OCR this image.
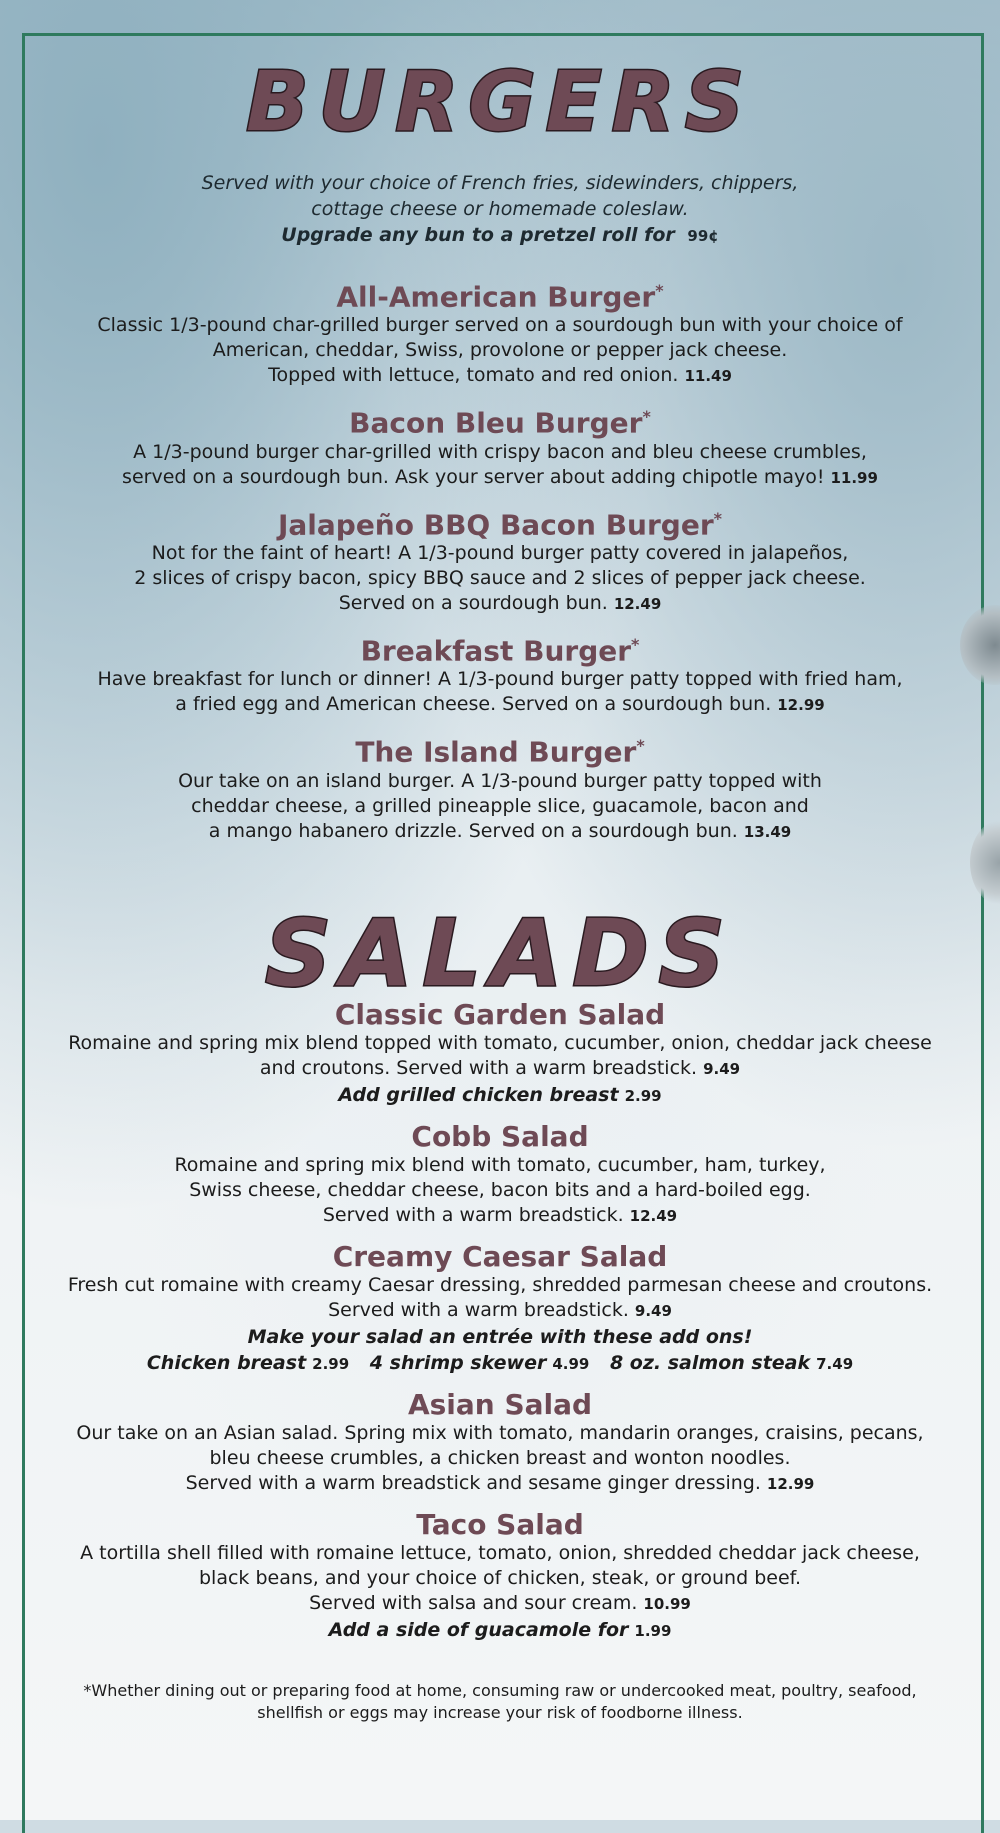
BURGERS
Served with your choice of French fries, sidewinders, chippers,
cottage cheese or homemade coleslaw.
Upgrade any bun to a pretzel roll for 99¢
All-American Burger*

Classic 1/3-pound char-grilled burger served on a sourdough bun with your choice of

American, cheddar, Swiss, provolone or pepper jack cheese.

Topped with lettuce, tomato and red onion. 11.49

Bacon Bleu Burger*

A 1/3-pound burger char-grilled with crispy bacon and bleu cheese crumbles,

served on a sourdough bun. Ask your server about adding chipotle mayo! 11.99

Jalapeño BBQ Bacon Burger*

Not for the faint of heart! A 1/3-pound burger patty covered in jalapeños,

2 slices of crispy bacon, spicy BBQ sauce and 2 slices of pepper jack cheese.

Served on a sourdough bun. 12.49

Breakfast Burger*

Have breakfast for lunch or dinner! A 1/3-pound burger patty topped with fried ham,

a fried egg and American cheese. Served on a sourdough bun. 12.99

The Island Burger*

Our take on an island burger. A 1/3-pound burger patty topped with

cheddar cheese, a grilled pineapple slice, guacamole, bacon and

a mango habanero drizzle. Served on a sourdough bun. 13.49

SALADS
Classic Garden Salad

Romaine and spring mix blend topped with tomato, cucumber, onion, cheddar jack cheese

and croutons. Served with a warm breadstick. 9.49

Add grilled chicken breast 2.99
Cobb Salad

Romaine and spring mix blend with tomato, cucumber, ham, turkey,

Swiss cheese, cheddar cheese, bacon bits and a hard-boiled egg.

Served with a warm breadstick. 12.49

Creamy Caesar Salad

Fresh cut romaine with creamy Caesar dressing, shredded parmesan cheese and croutons.

Served with a warm breadstick. 9.49

Make your salad an entrée with these add ons!
Chicken breast 2.99 4 shrimp skewer 4.99 8 oz. salmon steak 7.49
Asian Salad

Our take on an Asian salad. Spring mix with tomato, mandarin oranges, craisins, pecans,

bleu cheese crumbles, a chicken breast and wonton noodles.

Served with a warm breadstick and sesame ginger dressing. 12.99

Taco Salad

A tortilla shell filled with romaine lettuce, tomato, onion, shredded cheddar jack cheese,

black beans, and your choice of chicken, steak, or ground beef.

Served with salsa and sour cream. 10.99

Add a side of guacamole for 1.99
*Whether dining out or preparing food at home, consuming raw or undercooked meat, poultry, seafood,
shellfish or eggs may increase your risk of foodborne illness.
